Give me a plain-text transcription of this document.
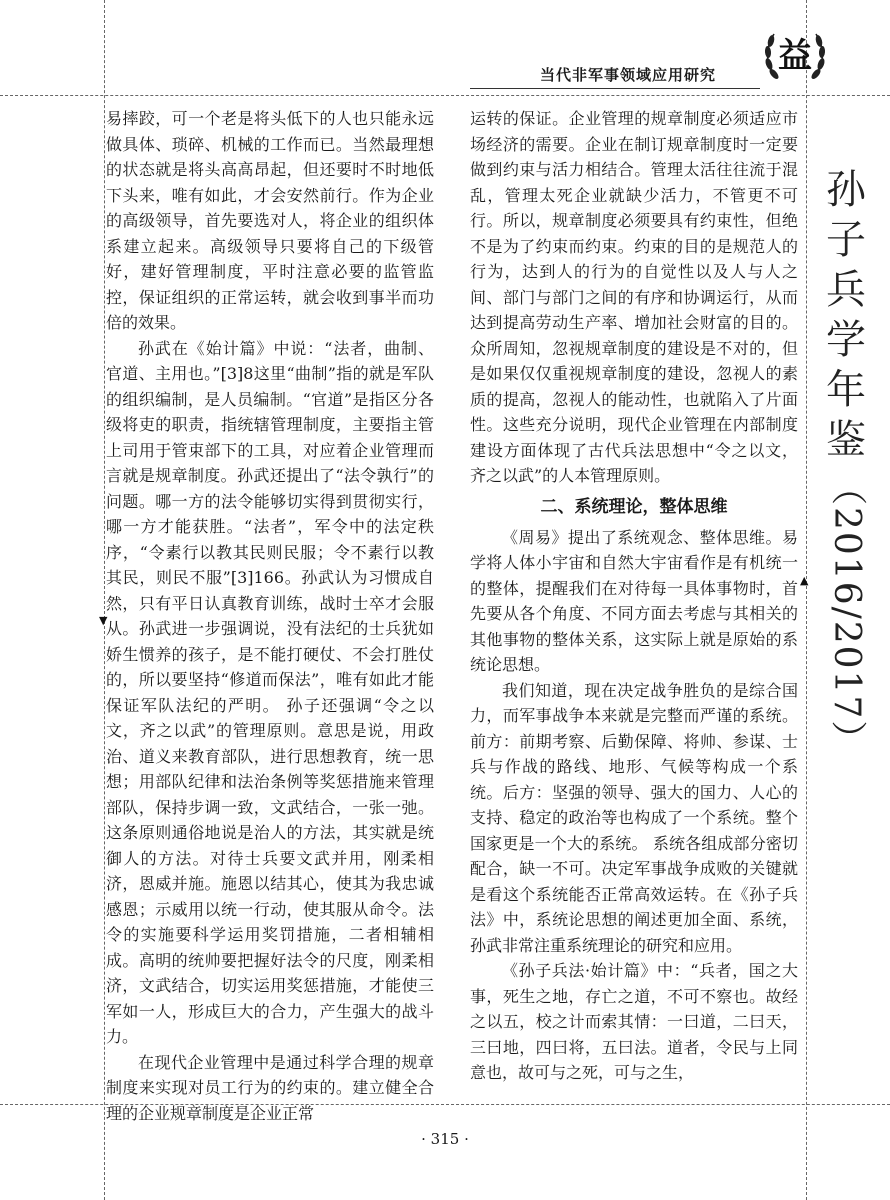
当代非军事领域应用研究 益
孙
子
兵
学
年
鉴
（2016/2017）
▼
▲

易摔跤，可一个老是将头低下的人也只能永远做具体、琐碎、机械的工作而已。当然最理想的状态就是将头高高昂起，但还要时不时地低下头来，唯有如此，才会安然前行。作为企业的高级领导，首先要选对人，将企业的组织体系建立起来。高级领导只要将自己的下级管好，建好管理制度，平时注意必要的监管监控，保证组织的正常运转，就会收到事半而功倍的效果。

孙武在《始计篇》中说：“法者，曲制、官道、主用也。”[3]8这里“曲制”指的就是军队的组织编制，是人员编制。“官道”是指区分各级将吏的职责，指统辖管理制度，主要指主管上司用于管束部下的工具，对应着企业管理而言就是规章制度。孙武还提出了“法令孰行”的问题。哪一方的法令能够切实得到贯彻实行，哪一方才能获胜。“法者”，军令中的法定秩序，“令素行以教其民则民服；令不素行以教其民，则民不服”[3]166。孙武认为习惯成自然，只有平日认真教育训练，战时士卒才会服从。孙武进一步强调说，没有法纪的士兵犹如娇生惯养的孩子，是不能打硬仗、不会打胜仗的，所以要坚持“修道而保法”，唯有如此才能保证军队法纪的严明。 孙子还强调“令之以文，齐之以武”的管理原则。意思是说，用政治、道义来教育部队，进行思想教育，统一思想；用部队纪律和法治条例等奖惩措施来管理部队，保持步调一致，文武结合，一张一弛。这条原则通俗地说是治人的方法，其实就是统御人的方法。对待士兵要文武并用，刚柔相济，恩威并施。施恩以结其心，使其为我忠诚感恩；示威用以统一行动，使其服从命令。法令的实施要科学运用奖罚措施，二者相辅相成。高明的统帅要把握好法令的尺度，刚柔相济，文武结合，切实运用奖惩措施，才能使三军如一人，形成巨大的合力，产生强大的战斗力。

在现代企业管理中是通过科学合理的规章制度来实现对员工行为的约束的。建立健全合理的企业规章制度是企业正常

运转的保证。企业管理的规章制度必须适应市场经济的需要。企业在制订规章制度时一定要做到约束与活力相结合。管理太活往往流于混乱，管理太死企业就缺少活力，不管更不可行。所以，规章制度必须要具有约束性，但绝不是为了约束而约束。约束的目的是规范人的行为，达到人的行为的自觉性以及人与人之间、部门与部门之间的有序和协调运行，从而达到提高劳动生产率、增加社会财富的目的。众所周知，忽视规章制度的建设是不对的，但是如果仅仅重视规章制度的建设，忽视人的素质的提高，忽视人的能动性，也就陷入了片面性。这些充分说明，现代企业管理在内部制度建设方面体现了古代兵法思想中“令之以文，齐之以武”的人本管理原则。

二、系统理论，整体思维

《周易》提出了系统观念、整体思维。易学将人体小宇宙和自然大宇宙看作是有机统一的整体，提醒我们在对待每一具体事物时，首先要从各个角度、不同方面去考虑与其相关的其他事物的整体关系，这实际上就是原始的系统论思想。

我们知道，现在决定战争胜负的是综合国力，而军事战争本来就是完整而严谨的系统。前方：前期考察、后勤保障、将帅、参谋、士兵与作战的路线、地形、气候等构成一个系统。后方：坚强的领导、强大的国力、人心的支持、稳定的政治等也构成了一个系统。整个国家更是一个大的系统。 系统各组成部分密切配合，缺一不可。决定军事战争成败的关键就是看这个系统能否正常高效运转。在《孙子兵法》中，系统论思想的阐述更加全面、系统，孙武非常注重系统理论的研究和应用。

《孙子兵法·始计篇》中：“兵者，国之大事，死生之地，存亡之道，不可不察也。故经之以五，校之计而索其情：一曰道，二曰天，三曰地，四曰将，五曰法。道者，令民与上同意也，故可与之死，可与之生，

· 315 ·
